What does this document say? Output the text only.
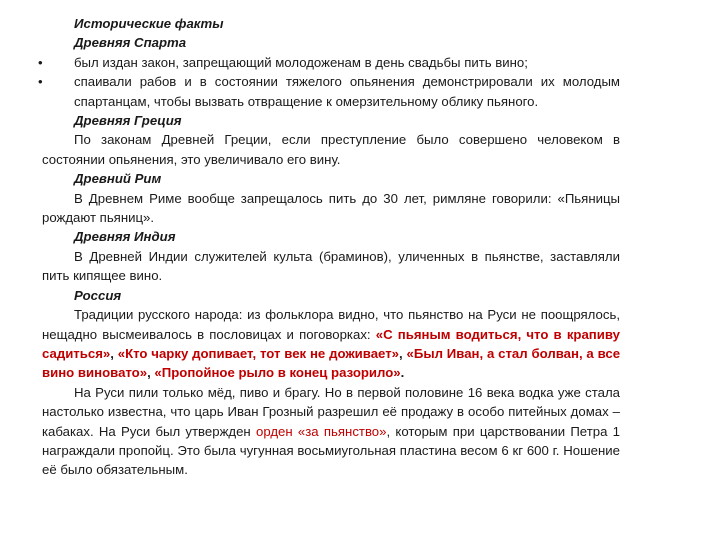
Исторические факты

Древняя Спарта

• был издан закон, запрещающий молодоженам в день свадьбы пить вино;

• спаивали рабов и в состоянии тяжелого опьянения демонстрировали их молодым спартанцам, чтобы вызвать отвращение к омерзительному облику пьяного.

Древняя Греция

По законам Древней Греции, если преступление было совершено человеком в состоянии опьянения, это увеличивало его вину.

Древний Рим

В Древнем Риме вообще запрещалось пить до 30 лет, римляне говорили: «Пьяницы рождают пьяниц».

Древняя Индия

В Древней Индии служителей культа (браминов), уличенных в пьянстве, заставляли пить кипящее вино.

Россия

Традиции русского народа: из фольклора видно, что пьянство на Руси не поощрялось, нещадно высмеивалось в пословицах и поговорках: «С пьяным водиться, что в крапиву садиться», «Кто чарку допивает, тот век не доживает», «Был Иван, а стал болван, а все вино виновато», «Пропойное рыло в конец разорило».

На Руси пили только мёд, пиво и брагу. Но в первой половине 16 века водка уже стала настолько известна, что царь Иван Грозный разрешил её продажу в особо питейных домах – кабаках. На Руси был утвержден орден «за пьянство», которым при царствовании Петра 1 награждали пропойц. Это была чугунная восьмиугольная пластина весом 6 кг 600 г. Ношение её было обязательным.
